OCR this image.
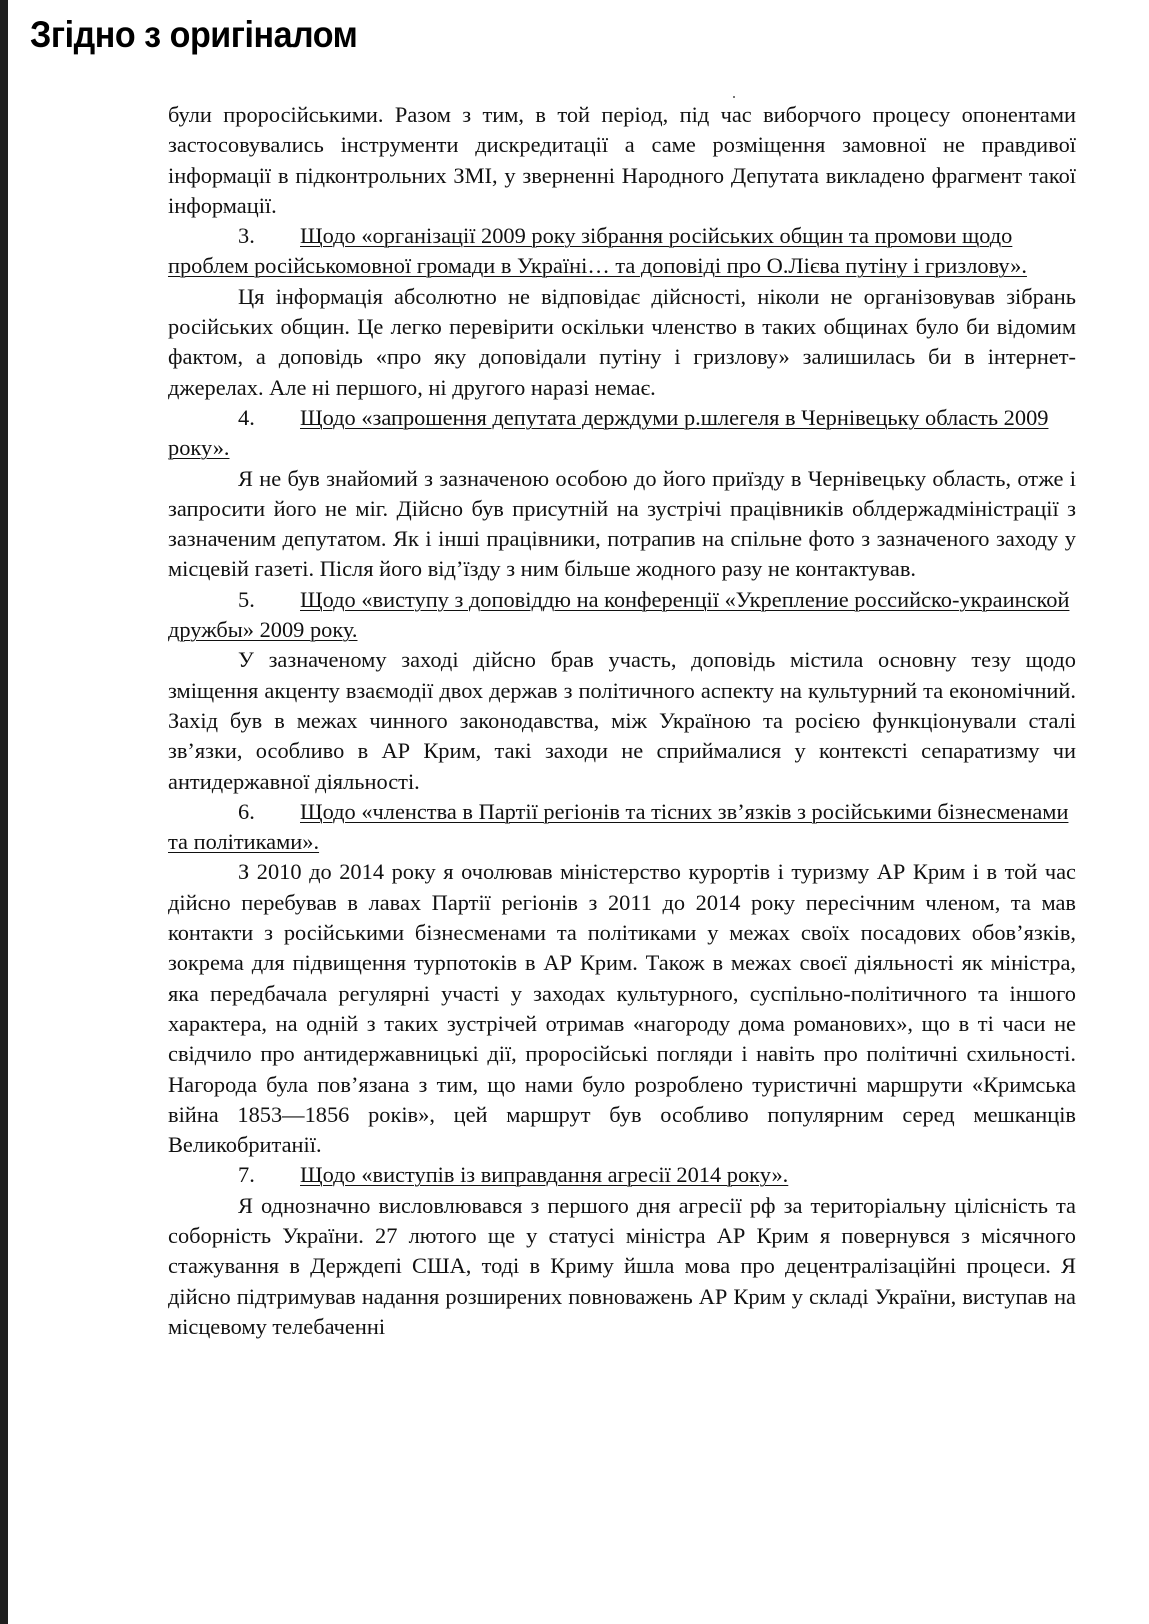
Згідно з оригіналом

були проросійськими. Разом з тим, в той період, під час виборчого процесу опонентами застосовувались інструменти дискредитації а саме розміщення замовної не правдивої інформації в підконтрольних ЗМІ, у зверненні Народного Депутата викладено фрагмент такої інформації.

3. Щодо «організації 2009 року зібрання російських общин та промови щодо проблем російськомовної громади в Україні… та доповіді про О.Лієва путіну і гризлову».

Ця інформація абсолютно не відповідає дійсності, ніколи не організовував зібрань російських общин. Це легко перевірити оскільки членство в таких общинах було би відомим фактом, а доповідь «про яку доповідали путіну і гризлову» залишилась би в інтернет-джерелах. Але ні першого, ні другого наразі немає.

4. Щодо «запрошення депутата держдуми р.шлегеля в Чернівецьку область 2009 року».

Я не був знайомий з зазначеною особою до його приїзду в Чернівецьку область, отже і запросити його не міг. Дійсно був присутній на зустрічі працівників облдержадміністрації з зазначеним депутатом. Як і інші працівники, потрапив на спільне фото з зазначеного заходу у місцевій газеті. Після його від’їзду з ним більше жодного разу не контактував.

5. Щодо «виступу з доповіддю на конференції «Укрепление российско-украинской дружбы» 2009 року.

У зазначеному заході дійсно брав участь, доповідь містила основну тезу щодо зміщення акценту взаємодії двох держав з політичного аспекту на культурний та економічний. Захід був в межах чинного законодавства, між Україною та росією функціонували сталі зв’язки, особливо в АР Крим, такі заходи не сприймалися у контексті сепаратизму чи антидержавної діяльності.

6. Щодо «членства в Партії регіонів та тісних зв’язків з російськими бізнесменами та політиками».

З 2010 до 2014 року я очолював міністерство курортів і туризму АР Крим і в той час дійсно перебував в лавах Партії регіонів з 2011 до 2014 року пересічним членом, та мав контакти з російськими бізнесменами та політиками у межах своїх посадових обов’язків, зокрема для підвищення турпотоків в АР Крим. Також в межах своєї діяльності як міністра, яка передбачала регулярні участі у заходах культурного, суспільно-політичного та іншого характера, на одній з таких зустрічей отримав «нагороду дома романових», що в ті часи не свідчило про антидержавницькі дії, проросійські погляди і навіть про політичні схильності. Нагорода була пов’язана з тим, що нами було розроблено туристичні маршрути «Кримська війна 1853—1856 років», цей маршрут був особливо популярним серед мешканців Великобританії.

7. Щодо «виступів із виправдання агресії 2014 року».

Я однозначно висловлювався з першого дня агресії рф за територіальну цілісність та соборність України. 27 лютого ще у статусі міністра АР Крим я повернувся з місячного стажування в Держдепі США, тоді в Криму йшла мова про децентралізаційні процеси. Я дійсно підтримував надання розширених повноважень АР Крим у складі України, виступав на місцевому телебаченні
